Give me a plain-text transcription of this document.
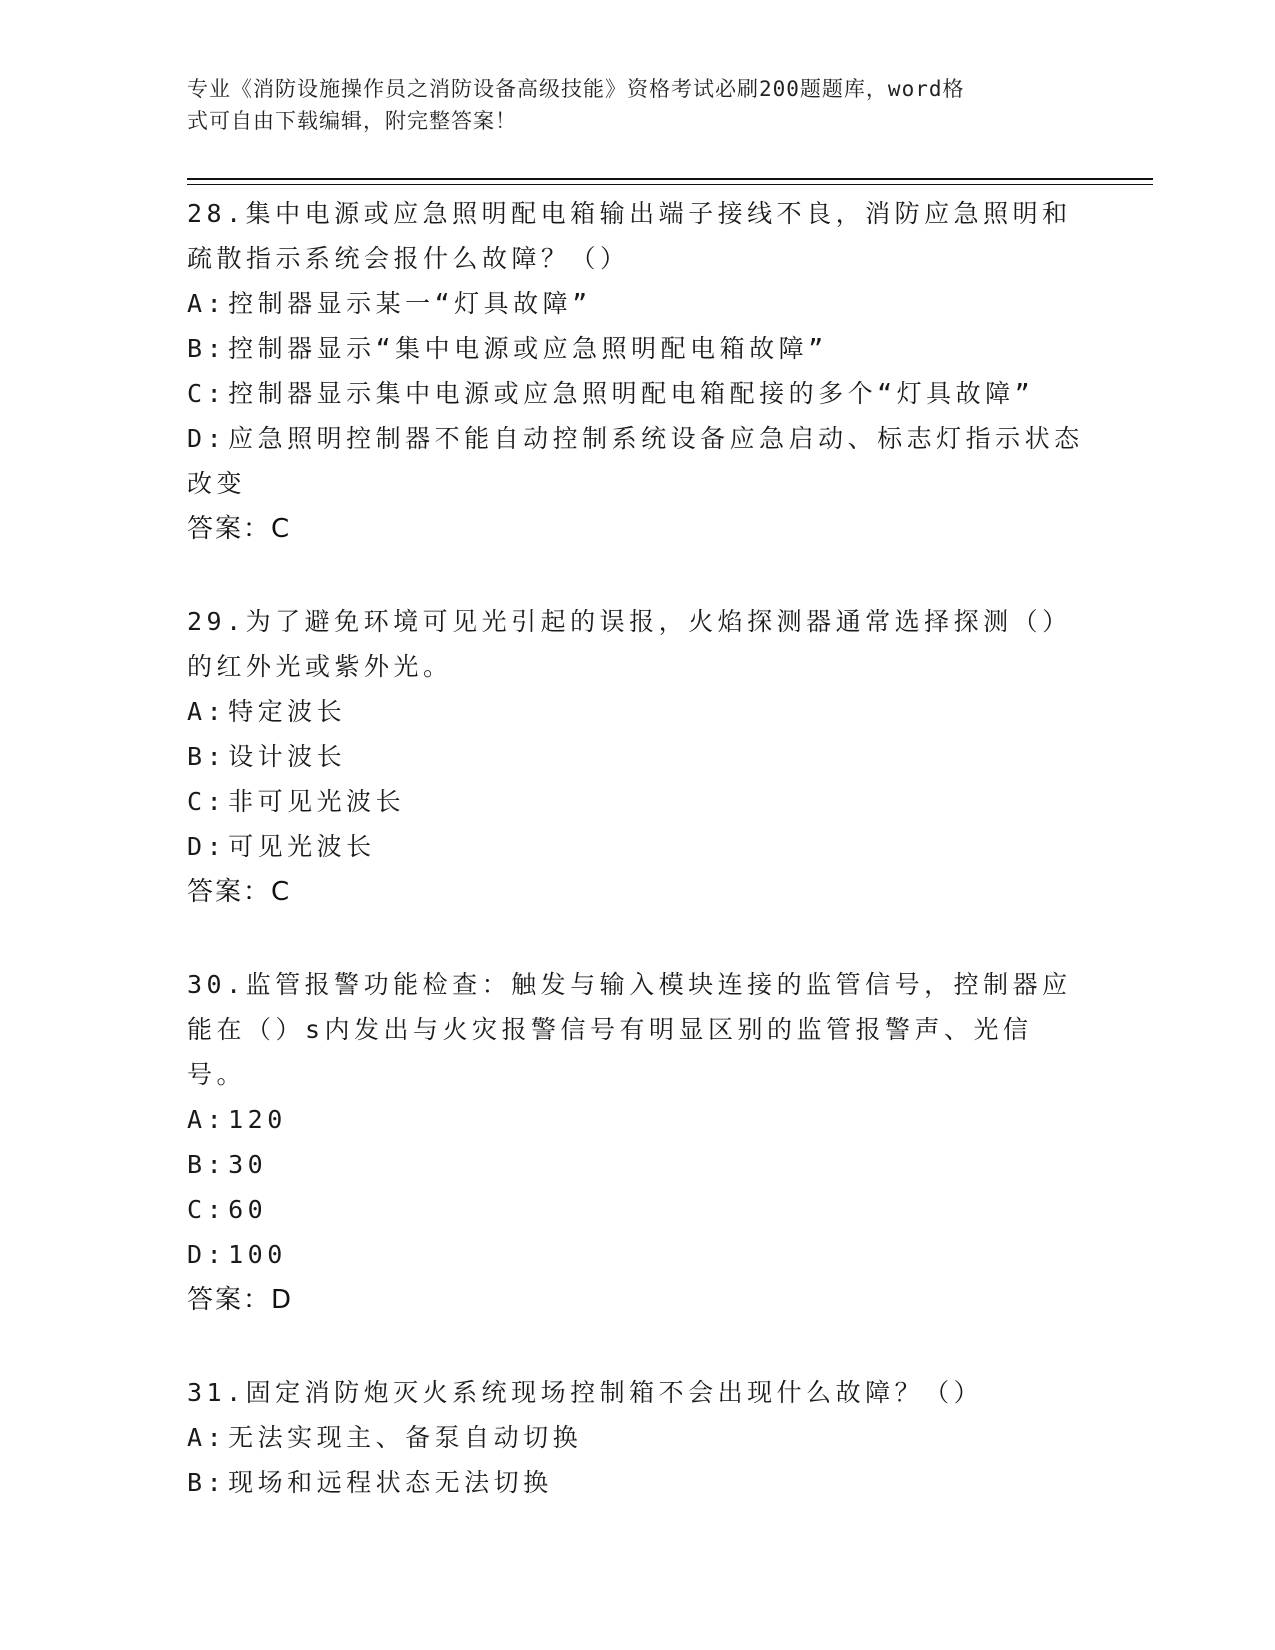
专业《消防设施操作员之消防设备高级技能》资格考试必刷200题题库，word格
式可自由下载编辑，附完整答案！

28.集中电源或应急照明配电箱输出端子接线不良，消防应急照明和疏散指示系统会报什么故障？（）

A:控制器显示某一“灯具故障”
B:控制器显示“集中电源或应急照明配电箱故障”
C:控制器显示集中电源或应急照明配电箱配接的多个“灯具故障”
D:应急照明控制器不能自动控制系统设备应急启动、标志灯指示状态改变

答案：C

29.为了避免环境可见光引起的误报，火焰探测器通常选择探测（）的红外光或紫外光。

A:特定波长
B:设计波长
C:非可见光波长
D:可见光波长

答案：C

30.监管报警功能检查：触发与输入模块连接的监管信号，控制器应能在（）s内发出与火灾报警信号有明显区别的监管报警声、光信号。

A:120
B:30
C:60
D:100

答案：D

31.固定消防炮灭火系统现场控制箱不会出现什么故障？（）

A:无法实现主、备泵自动切换
B:现场和远程状态无法切换
